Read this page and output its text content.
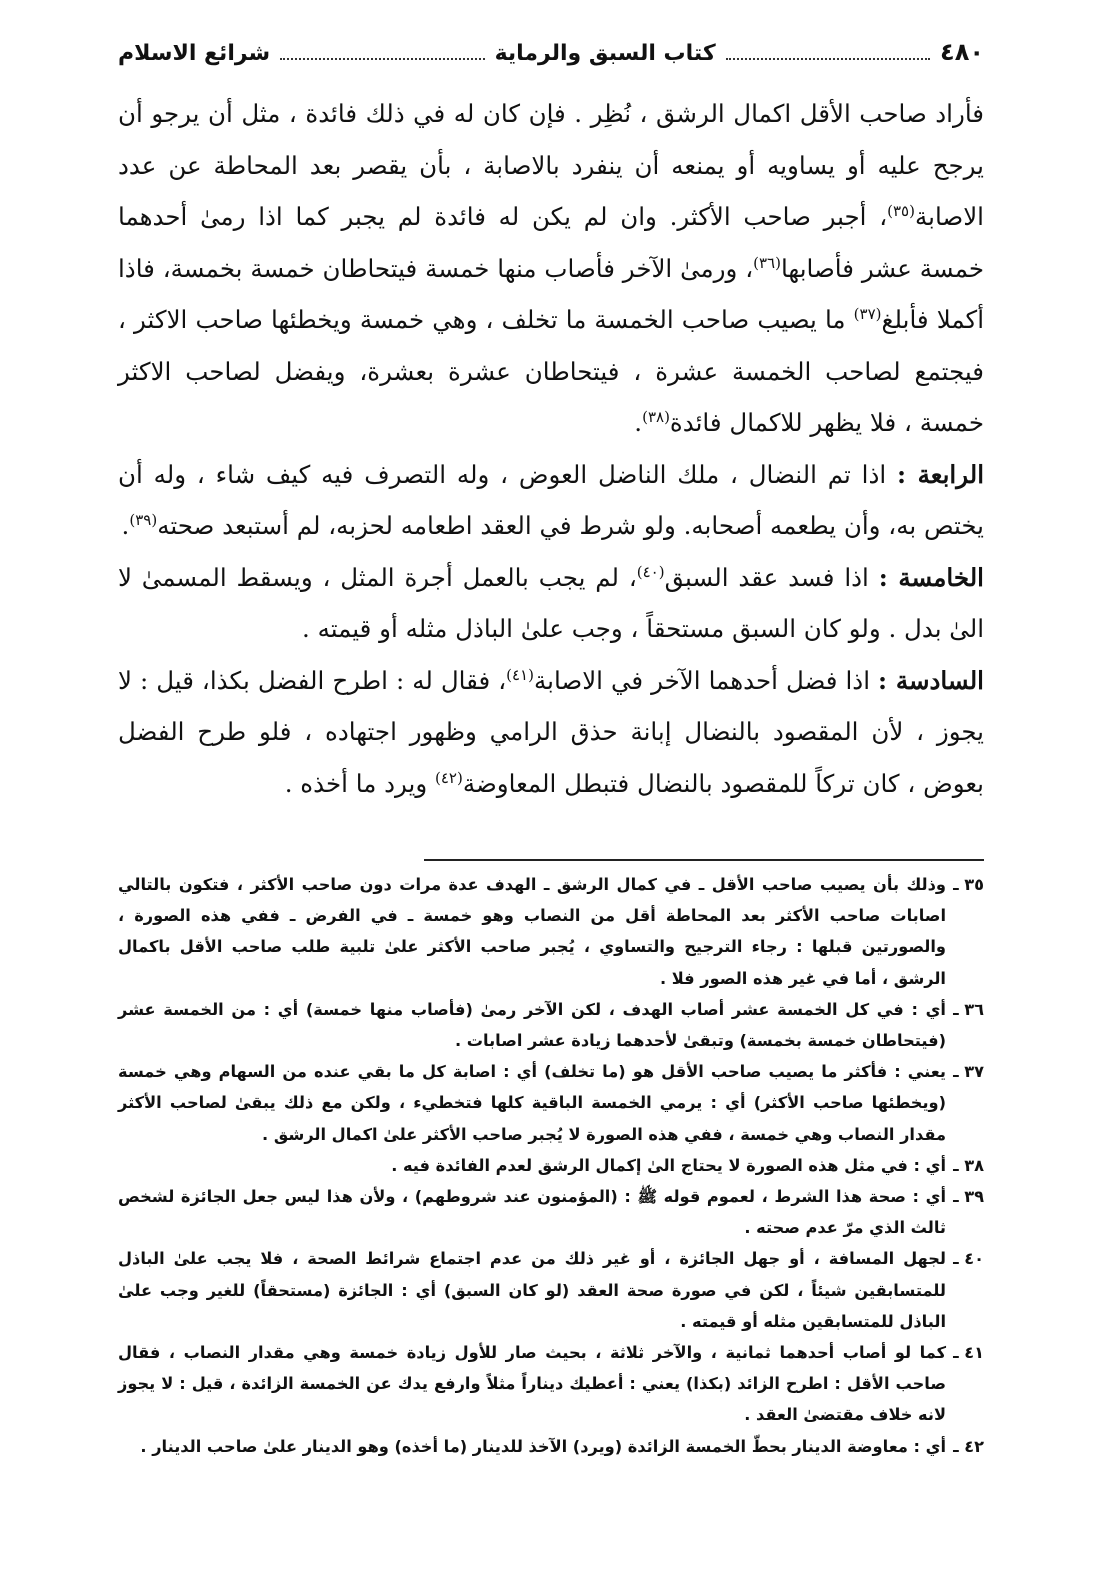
٤٨٠
كتاب السبق والرماية
شرائع الاسلام

فأراد صاحب الأقل اكمال الرشق ، نُظِر . فإن كان له في ذلك فائدة ، مثل أن يرجو أن يرجح عليه أو يساويه أو يمنعه أن ينفرد بالاصابة ، بأن يقصر بعد المحاطة عن عدد الاصابة$^{(٣٥)}$، أجبر صاحب الأكثر. وان لم يكن له فائدة لم يجبر كما اذا رمىٰ أحدهما خمسة عشر فأصابها$^{(٣٦)}$، ورمىٰ الآخر فأصاب منها خمسة فيتحاطان خمسة بخمسة، فاذا أكملا فأبلغ$^{(٣٧)}$ ما يصيب صاحب الخمسة ما تخلف ، وهي خمسة ويخطئها صاحب الاكثر ، فيجتمع لصاحب الخمسة عشرة ، فيتحاطان عشرة بعشرة، ويفضل لصاحب الاكثر خمسة ، فلا يظهر للاكمال فائدة$^{(٣٨)}$.

الرابعة : اذا تم النضال ، ملك الناضل العوض ، وله التصرف فيه كيف شاء ، وله أن يختص به، وأن يطعمه أصحابه. ولو شرط في العقد اطعامه لحزبه، لم أستبعد صحته$^{(٣٩)}$.

الخامسة : اذا فسد عقد السبق$^{(٤٠)}$، لم يجب بالعمل أجرة المثل ، ويسقط المسمىٰ لا الىٰ بدل . ولو كان السبق مستحقاً ، وجب علىٰ الباذل مثله أو قيمته .

السادسة : اذا فضل أحدهما الآخر في الاصابة$^{(٤١)}$، فقال له : اطرح الفضل بكذا، قيل : لا يجوز ، لأن المقصود بالنضال إبانة حذق الرامي وظهور اجتهاده ، فلو طرح الفضل بعوض ، كان تركاً للمقصود بالنضال فتبطل المعاوضة$^{(٤٢)}$ ويرد ما أخذه .

٣٥ ـ
وذلك بأن يصيب صاحب الأقل ـ في كمال الرشق ـ الهدف عدة مرات دون صاحب الأكثر ، فتكون بالتالي اصابات صاحب الأكثر بعد المحاطة أقل من النصاب وهو خمسة ـ في الفرض ـ ففي هذه الصورة ، والصورتين قبلها : رجاء الترجيح والتساوي ، يُجبر صاحب الأكثر علىٰ تلبية طلب صاحب الأقل باكمال الرشق ، أما في غير هذه الصور فلا .
٣٦ ـ
أي : في كل الخمسة عشر أصاب الهدف ، لكن الآخر رمىٰ (فأصاب منها خمسة) أي : من الخمسة عشر (فيتحاطان خمسة بخمسة) وتبقىٰ لأحدهما زيادة عشر اصابات .
٣٧ ـ
يعني : فأكثر ما يصيب صاحب الأقل هو (ما تخلف) أي : اصابة كل ما بقي عنده من السهام وهي خمسة (ويخطئها صاحب الأكثر) أي : يرمي الخمسة الباقية كلها فتخطيء ، ولكن مع ذلك يبقىٰ لصاحب الأكثر مقدار النصاب وهي خمسة ، ففي هذه الصورة لا يُجبر صاحب الأكثر علىٰ اكمال الرشق .
٣٨ ـ
أي : في مثل هذه الصورة لا يحتاج الىٰ إكمال الرشق لعدم الفائدة فيه .
٣٩ ـ
أي : صحة هذا الشرط ، لعموم قوله ﷺ : (المؤمنون عند شروطهم) ، ولأن هذا ليس جعل الجائزة لشخص ثالث الذي مرّ عدم صحته .
٤٠ ـ
لجهل المسافة ، أو جهل الجائزة ، أو غير ذلك من عدم اجتماع شرائط الصحة ، فلا يجب علىٰ الباذل للمتسابقين شيئاً ، لكن في صورة صحة العقد (لو كان السبق) أي : الجائزة (مستحقاً) للغير وجب علىٰ الباذل للمتسابقين مثله أو قيمته .
٤١ ـ
كما لو أصاب أحدهما ثمانية ، والآخر ثلاثة ، بحيث صار للأول زيادة خمسة وهي مقدار النصاب ، فقال صاحب الأقل : اطرح الزائد (بكذا) يعني : أعطيك ديناراً مثلاً وارفع يدك عن الخمسة الزائدة ، قيل : لا يجوز لانه خلاف مقتضىٰ العقد .
٤٢ ـ
أي : معاوضة الدينار بحطّ الخمسة الزائدة (ويرد) الآخذ للدينار (ما أخذه) وهو الدينار علىٰ صاحب الدينار .
